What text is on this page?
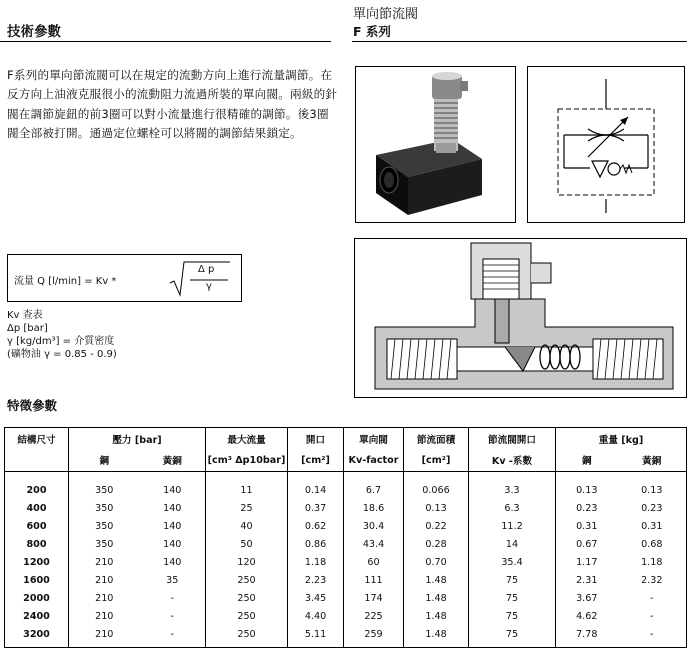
技術參數
單向節流閥
F 系列
F系列的單向節流閥可以在規定的流動方向上進行流量調節。在反方向上油液克服很小的流動阻力流過所裝的單向閥。兩級的針閥在調節旋鈕的前3圈可以對小流量進行很精確的調節。後3圈閥全部被打開。通過定位螺栓可以將閥的調節結果鎖定。
流量 Q [l/min] = Kv *
Δ p
γ
Kv 查表
Δp [bar]
γ [kg/dm³] = 介質密度
(礦物油 γ = 0.85 - 0.9)
特徵參數
結構尺寸	壓力 [bar]		最大流量	開口	單向閥	節流面積	節流閥開口	重量 [kg]	
	鋼	黃銅	[cm³ Δp10bar]	[cm²]	Kv-factor	[cm²]	Kv -系數	鋼	黃銅

200	350	140	11	0.14	6.7	0.066	3.3	0.13	0.13
400	350	140	25	0.37	18.6	0.13	6.3	0.23	0.23
600	350	140	40	0.62	30.4	0.22	11.2	0.31	0.31
800	350	140	50	0.86	43.4	0.28	14	0.67	0.68
1200	210	140	120	1.18	60	0.70	35.4	1.17	1.18
1600	210	35	250	2.23	111	1.48	75	2.31	2.32
2000	210	-	250	3.45	174	1.48	75	3.67	-
2400	210	-	250	4.40	225	1.48	75	4.62	-
3200	210	-	250	5.11	259	1.48	75	7.78	-
